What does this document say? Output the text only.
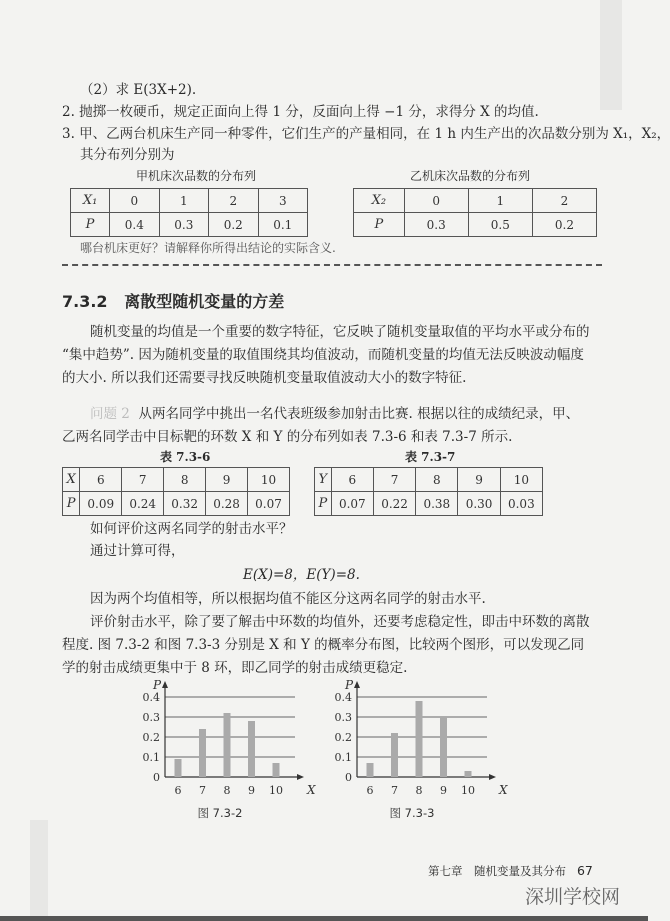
（2）求 E(3X+2).
2. 抛掷一枚硬币，规定正面向上得 1 分，反面向上得 −1 分，求得分 X 的均值.
3. 甲、乙两台机床生产同一种零件，它们生产的产量相同，在 1 h 内生产出的次品数分别为 X₁，X₂，
其分布列分别为
甲机床次品数的分布列
X₁	0	1	2	3
P	0.4	0.3	0.2	0.1
乙机床次品数的分布列
X₂	0	1	2
P	0.3	0.5	0.2
哪台机床更好？请解释你所得出结论的实际含义.
7.3.2 离散型随机变量的方差
随机变量的均值是一个重要的数字特征，它反映了随机变量取值的平均水平或分布的
“集中趋势”. 因为随机变量的取值围绕其均值波动，而随机变量的均值无法反映波动幅度
的大小. 所以我们还需要寻找反映随机变量取值波动大小的数字特征.
问题 2 从两名同学中挑出一名代表班级参加射击比赛. 根据以往的成绩纪录，甲、
乙两名同学击中目标靶的环数 X 和 Y 的分布列如表 7.3-6 和表 7.3-7 所示.
表 7.3-6
X	6	7	8	9	10
P	0.09	0.24	0.32	0.28	0.07
表 7.3-7
Y	6	7	8	9	10
P	0.07	0.22	0.38	0.30	0.03
如何评价这两名同学的射击水平？
通过计算可得，
E(X)=8，E(Y)=8.
因为两个均值相等，所以根据均值不能区分这两名同学的射击水平.
评价射击水平，除了要了解击中环数的均值外，还要考虑稳定性，即击中环数的离散
程度. 图 7.3-2 和图 7.3-3 分别是 X 和 Y 的概率分布图，比较两个图形，可以发现乙同
学的射击成绩更集中于 8 环，即乙同学的射击成绩更稳定.
0
0.1
0.2
0.3
0.4
X
P
6 7 8 9 10
图 7.3-2
0
0.1
0.2
0.3
0.4
X
P
6 7 8 9 10
图 7.3-3
第七章　随机变量及其分布 67
深圳学校网
